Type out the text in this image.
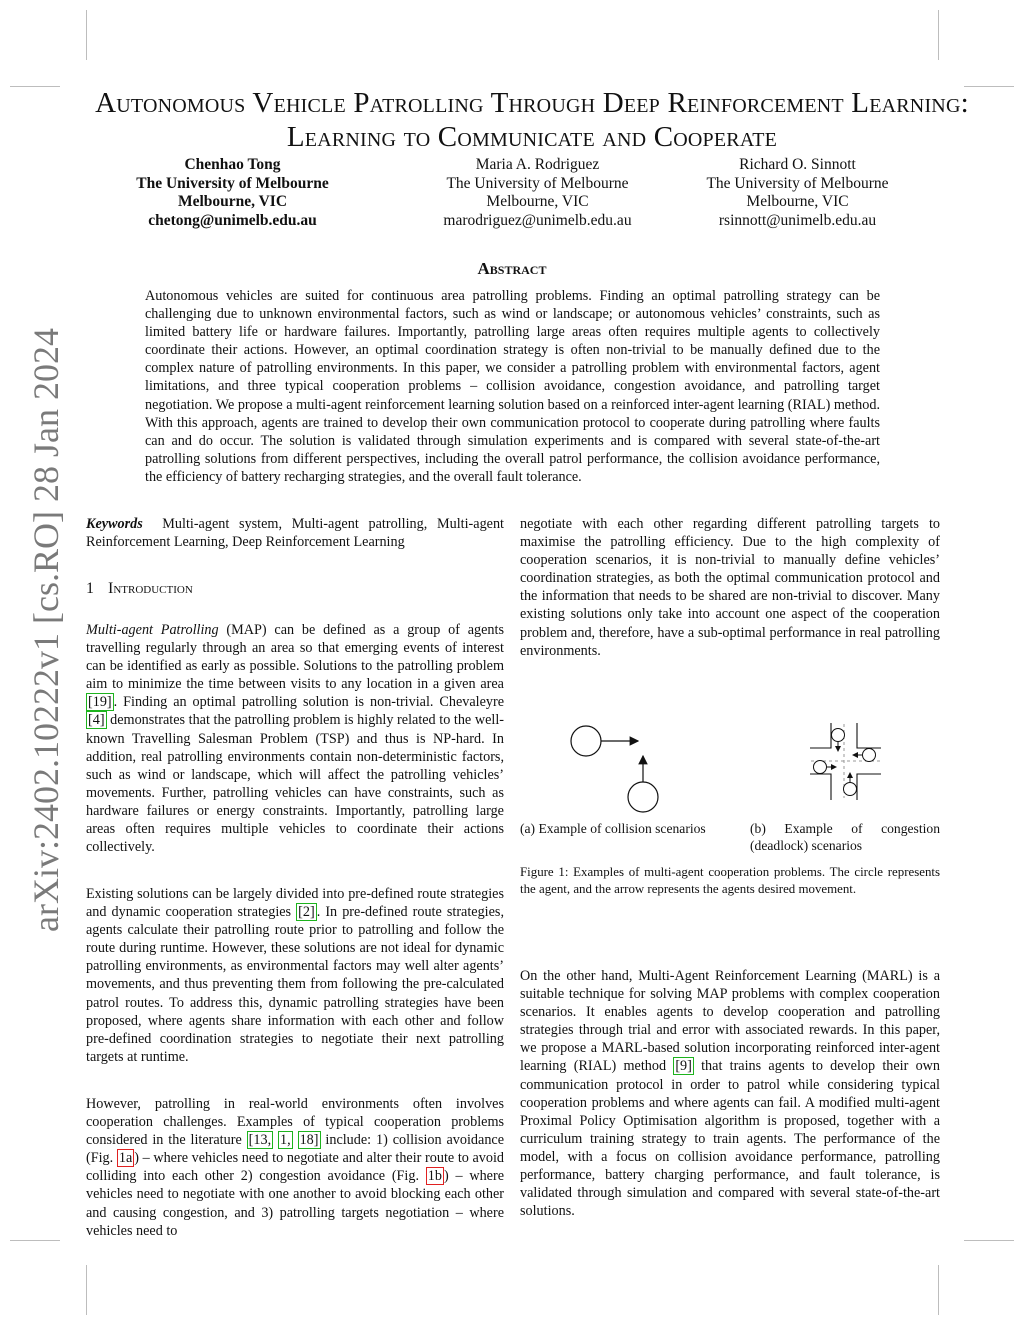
arXiv:2402.10222v1 [cs.RO] 28 Jan 2024
Autonomous Vehicle Patrolling Through Deep Reinforcement Learning:
Learning to Communicate and Cooperate
Chenhao Tong
The University of Melbourne
Melbourne, VIC
chetong@unimelb.edu.au
Maria A. Rodriguez
The University of Melbourne
Melbourne, VIC
marodriguez@unimelb.edu.au
Richard O. Sinnott
The University of Melbourne
Melbourne, VIC
rsinnott@unimelb.edu.au
Abstract
Autonomous vehicles are suited for continuous area patrolling problems. Finding an optimal patrolling strategy can be challenging due to unknown environmental factors, such as wind or landscape; or autonomous vehicles’ constraints, such as limited battery life or hardware failures. Importantly, patrolling large areas often requires multiple agents to collectively coordinate their actions. However, an optimal coordination strategy is often non-trivial to be manually defined due to the complex nature of patrolling environments. In this paper, we consider a patrolling problem with environmental factors, agent limitations, and three typical cooperation problems – collision avoidance, congestion avoidance, and patrolling target negotiation. We propose a multi-agent reinforcement learning solution based on a reinforced inter-agent learning (RIAL) method. With this approach, agents are trained to develop their own communication protocol to cooperate during patrolling where faults can and do occur. The solution is validated through simulation experiments and is compared with several state-of-the-art patrolling solutions from different perspectives, including the overall patrol performance, the collision avoidance performance, the efficiency of battery recharging strategies, and the overall fault tolerance.

Keywords Multi-agent system, Multi-agent patrolling, Multi-agent Reinforcement Learning, Deep Reinforcement Learning

1 Introduction

Multi-agent Patrolling (MAP) can be defined as a group of agents travelling regularly through an area so that emerging events of interest can be identified as early as possible. Solutions to the patrolling problem aim to minimize the time between visits to any location in a given area [19] . Finding an optimal patrolling solution is non-trivial. Chevaleyre [4] demonstrates that the patrolling problem is highly related to the well-known Travelling Salesman Problem (TSP) and thus is NP-hard. In addition, real patrolling environments contain non-deterministic factors, such as wind or landscape, which will affect the patrolling vehicles’ movements. Further, patrolling vehicles can have constraints, such as hardware failures or energy constraints. Importantly, patrolling large areas often requires multiple vehicles to coordinate their actions collectively.

Existing solutions can be largely divided into pre-defined route strategies and dynamic cooperation strategies [2] . In pre-defined route strategies, agents calculate their patrolling route prior to patrolling and follow the route during runtime. However, these solutions are not ideal for dynamic patrolling environments, as environmental factors may well alter agents’ movements, and thus preventing them from following the pre-calculated patrol routes. To address this, dynamic patrolling strategies have been proposed, where agents share information with each other and follow pre-defined coordination strategies to negotiate their next patrolling targets at runtime.

However, patrolling in real-world environments often involves cooperation challenges. Examples of typical cooperation problems considered in the literature [13, 1, 18] include: 1) collision avoidance (Fig. 1a ) – where vehicles need to negotiate and alter their route to avoid colliding into each other 2) congestion avoidance (Fig. 1b ) – where vehicles need to negotiate with one another to avoid blocking each other and causing congestion, and 3) patrolling targets negotiation – where vehicles need to

negotiate with each other regarding different patrolling targets to maximise the patrolling efficiency. Due to the high complexity of cooperation scenarios, it is non-trivial to manually define vehicles’ coordination strategies, as both the optimal communication protocol and the information that needs to be shared are non-trivial to discover. Many existing solutions only take into account one aspect of the cooperation problem and, therefore, have a sub-optimal performance in real patrolling environments.

(a) Example of collision scenarios	(b) Example of congestion (deadlock) scenarios
Figure 1: Examples of multi-agent cooperation problems. The circle represents the agent, and the arrow represents the agents desired movement.

On the other hand, Multi-Agent Reinforcement Learning (MARL) is a suitable technique for solving MAP problems with complex cooperation scenarios. It enables agents to develop cooperation and patrolling strategies through trial and error with associated rewards. In this paper, we propose a MARL-based solution incorporating reinforced inter-agent learning (RIAL) method [9] that trains agents to develop their own communication protocol in order to patrol while considering typical cooperation problems and where agents can fail. A modified multi-agent Proximal Policy Optimisation algorithm is proposed, together with a curriculum training strategy to train agents. The performance of the model, with a focus on collision avoidance performance, patrolling performance, battery charging performance, and fault tolerance, is validated through simulation and compared with several state-of-the-art solutions.
